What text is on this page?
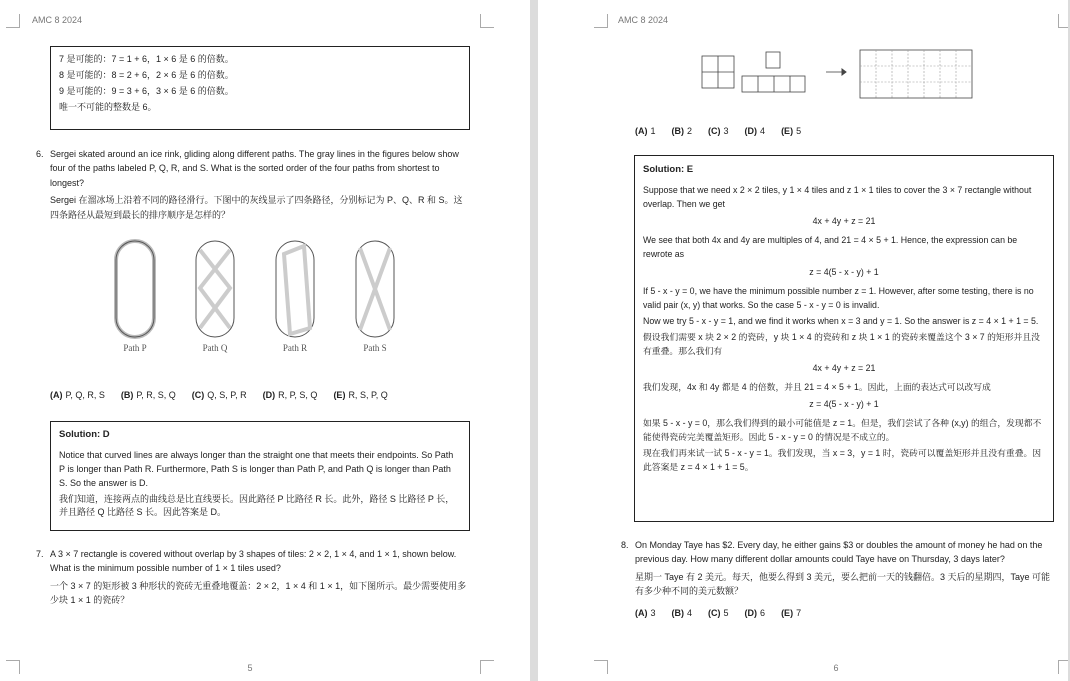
AMC 8 2024

7 是可能的：7 = 1 + 6，1 × 6 是 6 的倍数。

8 是可能的：8 = 2 + 6，2 × 6 是 6 的倍数。

9 是可能的：9 = 3 + 6，3 × 6 是 6 的倍数。

唯一不可能的整数是 6。

6. Sergei skated around an ice rink, gliding along different paths. The gray lines in the figures below show four of the paths labeled P, Q, R, and S. What is the sorted order of the four paths from shortest to longest?

Sergei 在溜冰场上沿着不同的路径滑行。下图中的灰线显示了四条路径，分别标记为 P、Q、R 和 S。这四条路径从最短到最长的排序顺序是怎样的？

Path P	Path Q	Path R	Path S
(A) P, Q, R, S (B) P, R, S, Q (C) Q, S, P, R (D) R, P, S, Q (E) R, S, P, Q
Solution: D

Notice that curved lines are always longer than the straight one that meets their endpoints. So Path P is longer than Path R. Furthermore, Path S is longer than Path P, and Path Q is longer than Path S. So the answer is D.

我们知道，连接两点的曲线总是比直线要长。因此路径 P 比路径 R 长。此外，路径 S 比路径 P 长，并且路径 Q 比路径 S 长。因此答案是 D。

7. A 3 × 7 rectangle is covered without overlap by 3 shapes of tiles: 2 × 2, 1 × 4, and 1 × 1, shown below. What is the minimum possible number of 1 × 1 tiles used?

一个 3 × 7 的矩形被 3 种形状的瓷砖无重叠地覆盖：2 × 2，1 × 4 和 1 × 1，如下图所示。最少需要使用多少块 1 × 1 的瓷砖？

5
AMC 8 2024
(A) 1 (B) 2 (C) 3 (D) 4 (E) 5
Solution: E

Suppose that we need x 2 × 2 tiles, y 1 × 4 tiles and z 1 × 1 tiles to cover the 3 × 7 rectangle without overlap. Then we get

4x + 4y + z = 21

We see that both 4x and 4y are multiples of 4, and 21 = 4 × 5 + 1. Hence, the expression can be rewrote as

z = 4(5 - x - y) + 1

If 5 - x - y = 0, we have the minimum possible number z = 1. However, after some testing, there is no valid pair (x, y) that works. So the case 5 - x - y = 0 is invalid.

Now we try 5 - x - y = 1, and we find it works when x = 3 and y = 1. So the answer is z = 4 × 1 + 1 = 5.

假设我们需要 x 块 2 × 2 的瓷砖，y 块 1 × 4 的瓷砖和 z 块 1 × 1 的瓷砖来覆盖这个 3 × 7 的矩形并且没有重叠。那么我们有

4x + 4y + z = 21

我们发现，4x 和 4y 都是 4 的倍数，并且 21 = 4 × 5 + 1。因此，上面的表达式可以改写成

z = 4(5 - x - y) + 1

如果 5 - x - y = 0，那么我们得到的最小可能值是 z = 1。但是，我们尝试了各种 (x,y) 的组合，发现都不能使得瓷砖完美覆盖矩形。因此 5 - x - y = 0 的情况是不成立的。

现在我们再来试一试 5 - x - y = 1。我们发现，当 x = 3，y = 1 时，瓷砖可以覆盖矩形并且没有重叠。因此答案是 z = 4 × 1 + 1 = 5。

8. On Monday Taye has $2. Every day, he either gains $3 or doubles the amount of money he had on the previous day. How many different dollar amounts could Taye have on Thursday, 3 days later?

星期一 Taye 有 2 美元。每天，他要么得到 3 美元，要么把前一天的钱翻倍。3 天后的星期四，Taye 可能有多少种不同的美元数额？

(A) 3 (B) 4 (C) 5 (D) 6 (E) 7
6
